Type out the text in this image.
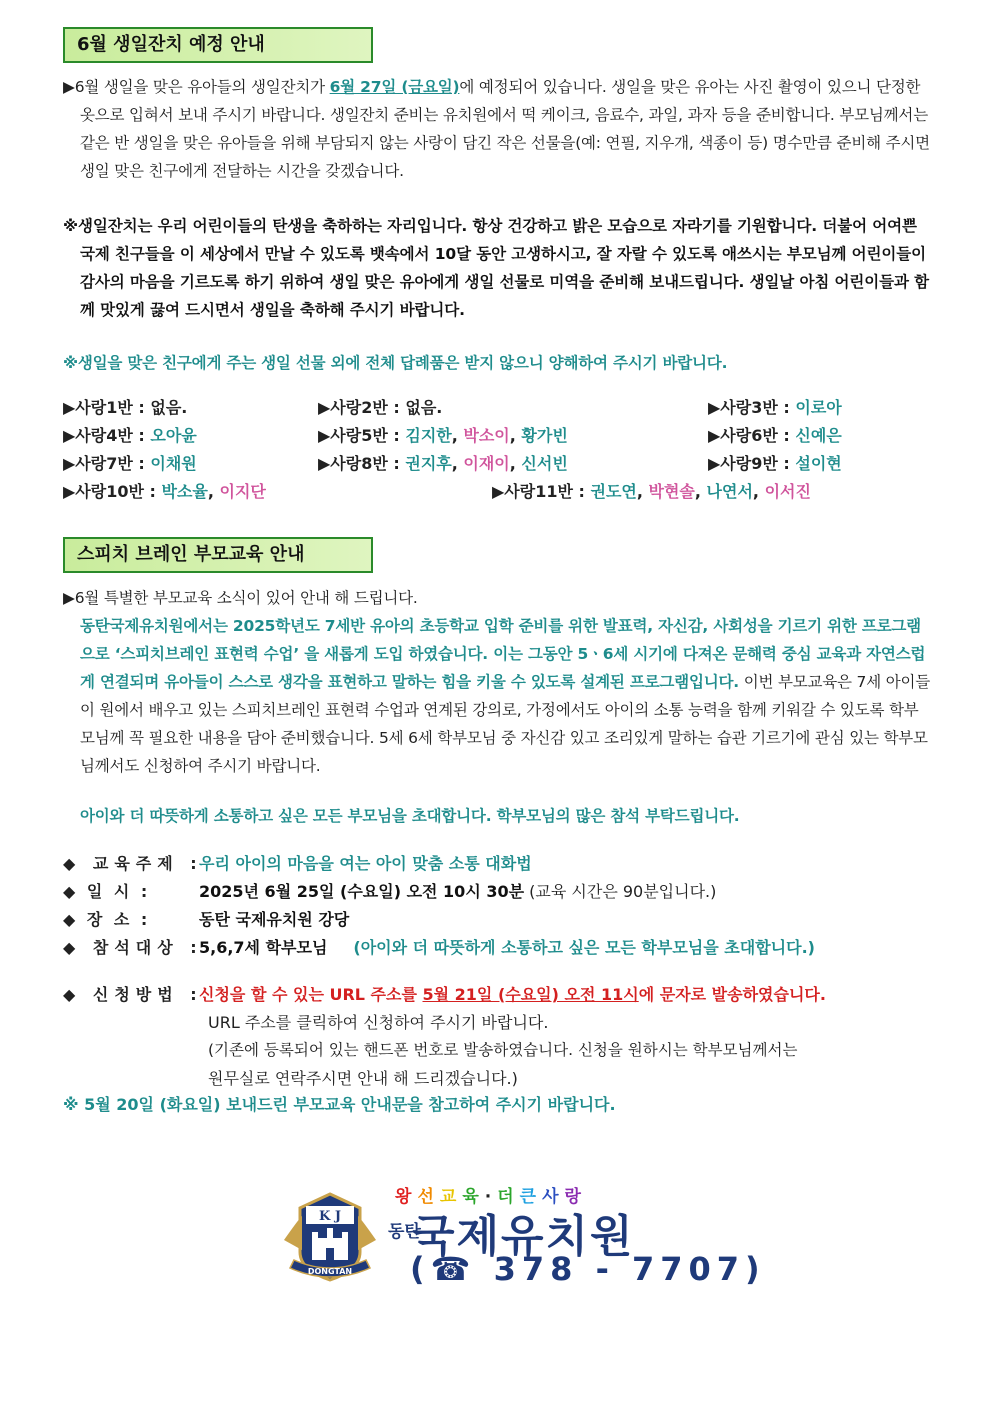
6월 생일잔치 예정 안내
▶6월 생일을 맞은 유아들의 생일잔치가 6월 27일 (금요일)에 예정되어 있습니다. 생일을 맞은 유아는 사진 촬영이 있으니 단정한 옷으로 입혀서 보내 주시기 바랍니다. 생일잔치 준비는 유치원에서 떡 케이크, 음료수, 과일, 과자 등을 준비합니다. 부모님께서는 같은 반 생일을 맞은 유아들을 위해 부담되지 않는 사랑이 담긴 작은 선물을(예: 연필, 지우개, 색종이 등) 명수만큼 준비해 주시면 생일 맞은 친구에게 전달하는 시간을 갖겠습니다.
※생일잔치는 우리 어린이들의 탄생을 축하하는 자리입니다. 항상 건강하고 밝은 모습으로 자라기를 기원합니다. 더불어 어여쁜 국제 친구들을 이 세상에서 만날 수 있도록 뱃속에서 10달 동안 고생하시고, 잘 자랄 수 있도록 애쓰시는 부모님께 어린이들이 감사의 마음을 기르도록 하기 위하여 생일 맞은 유아에게 생일 선물로 미역을 준비해 보내드립니다. 생일날 아침 어린이들과 함께 맛있게 끓여 드시면서 생일을 축하해 주시기 바랍니다.
※생일을 맞은 친구에게 주는 생일 선물 외에 전체 답례품은 받지 않으니 양해하여 주시기 바랍니다.
▶사랑1반 : 없음.	▶사랑2반 : 없음.	▶사랑3반 : 이로아
▶사랑4반 : 오아윤	▶사랑5반 : 김지한, 박소이, 황가빈	▶사랑6반 : 신예은
▶사랑7반 : 이채원	▶사랑8반 : 권지후, 이재이, 신서빈	▶사랑9반 : 설이현
▶사랑10반 : 박소율, 이지단	▶사랑11반 : 권도연, 박현솔, 나연서, 이서진
스피치 브레인 부모교육 안내
▶6월 특별한 부모교육 소식이 있어 안내 해 드립니다.
동탄국제유치원에서는 2025학년도 7세반 유아의 초등학교 입학 준비를 위한 발표력, 자신감, 사회성을 기르기 위한 프로그램으로 ‘스피치브레인 표현력 수업’ 을 새롭게 도입 하였습니다. 이는 그동안 5ㆍ6세 시기에 다져온 문해력 중심 교육과 자연스럽게 연결되며 유아들이 스스로 생각을 표현하고 말하는 힘을 키울 수 있도록 설계된 프로그램입니다. 이번 부모교육은 7세 아이들이 원에서 배우고 있는 스피치브레인 표현력 수업과 연계된 강의로, 가정에서도 아이의 소통 능력을 함께 키워갈 수 있도록 학부모님께 꼭 필요한 내용을 담아 준비했습니다. 5세 6세 학부모님 중 자신감 있고 조리있게 말하는 습관 기르기에 관심 있는 학부모님께서도 신청하여 주시기 바랍니다.
아이와 더 따뜻하게 소통하고 싶은 모든 부모님을 초대합니다. 학부모님의 많은 참석 부탁드립니다.
◆ 교육주제 :우리 아이의 마음을 여는 아이 맞춤 소통 대화법
◆ 일 시 :	2025년 6월 25일 (수요일) 오전 10시 30분 (교육 시간은 90분입니다.)
◆ 장 소 :	동탄 국제유치원 강당
◆ 참석대상 :5,6,7세 학부모님 (아이와 더 따뜻하게 소통하고 싶은 모든 학부모님을 초대합니다.)
◆ 신청방법 :신청을 할 수 있는 URL 주소를 5월 21일 (수요일) 오전 11시에 문자로 발송하였습니다.
URL 주소를 클릭하여 신청하여 주시기 바랍니다.
(기존에 등록되어 있는 핸드폰 번호로 발송하였습니다. 신청을 원하시는 학부모님께서는
원무실로 연락주시면 안내 해 드리겠습니다.)
※ 5월 20일 (화요일) 보내드린 부모교육 안내문을 참고하여 주시기 바랍니다.
K J
DONGTAN
왕선교육·더큰사랑
동탄국제유치원
(☎ 378 - 7707)
